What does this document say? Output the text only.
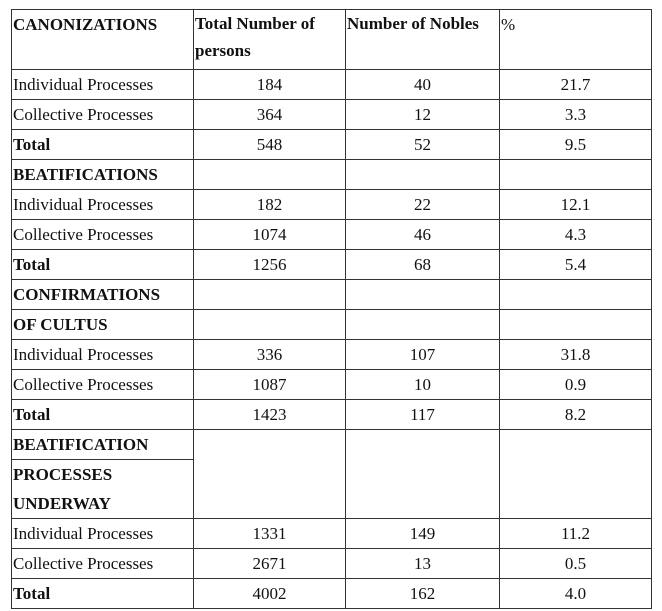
CANONIZATIONS	Total Number of persons	Number of Nobles	%
Individual Processes	184	40	21.7
Collective Processes	364	12	3.3
Total	548	52	9.5

BEATIFICATIONS			

Individual Processes	182	22	12.1
Collective Processes	1074	46	4.3
Total	1256	68	5.4

CONFIRMATIONS
OF CULTUS			

Individual Processes	336	107	31.8
Collective Processes	1087	10	0.9
Total	1423	117	8.2

BEATIFICATION
PROCESSES UNDERWAY			

Individual Processes	1331	149	11.2
Collective Processes	2671	13	0.5
Total	4002	162	4.0
